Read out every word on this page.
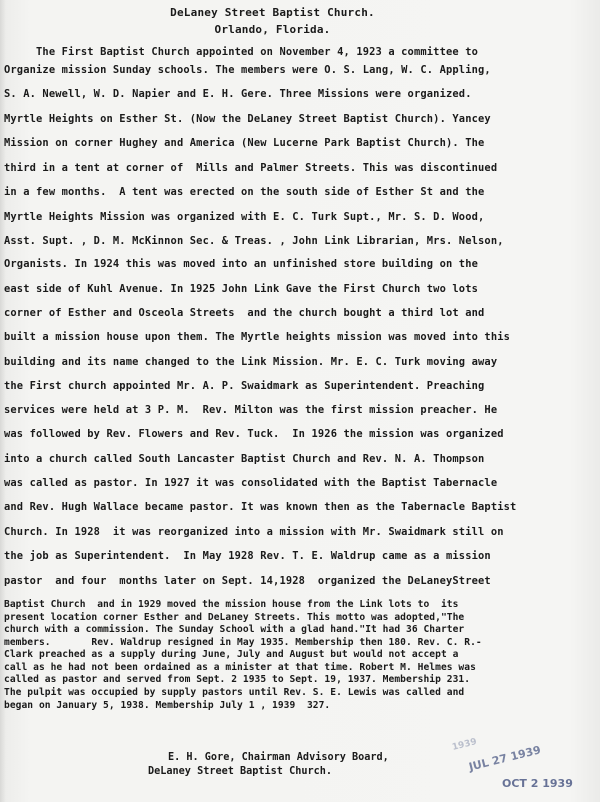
DeLaney Street Baptist Church.
Orlando, Florida.
The First Baptist Church appointed on November 4, 1923 a committee to
Organize mission Sunday schools. The members were O. S. Lang, W. C. Appling,
S. A. Newell, W. D. Napier and E. H. Gere. Three Missions were organized.
Myrtle Heights on Esther St. (Now the DeLaney Street Baptist Church). Yancey
Mission on corner Hughey and America (New Lucerne Park Baptist Church). The
third in a tent at corner of  Mills and Palmer Streets. This was discontinued
in a few months.  A tent was erected on the south side of Esther St and the
Myrtle Heights Mission was organized with E. C. Turk Supt., Mr. S. D. Wood,
Asst. Supt. , D. M. McKinnon Sec. & Treas. , John Link Librarian, Mrs. Nelson,
Organists. In 1924 this was moved into an unfinished store building on the
east side of Kuhl Avenue. In 1925 John Link Gave the First Church two lots
corner of Esther and Osceola Streets  and the church bought a third lot and
built a mission house upon them. The Myrtle heights mission was moved into this
building and its name changed to the Link Mission. Mr. E. C. Turk moving away
the First church appointed Mr. A. P. Swaidmark as Superintendent. Preaching
services were held at 3 P. M.  Rev. Milton was the first mission preacher. He
was followed by Rev. Flowers and Rev. Tuck.  In 1926 the mission was organized
into a church called South Lancaster Baptist Church and Rev. N. A. Thompson
was called as pastor. In 1927 it was consolidated with the Baptist Tabernacle
and Rev. Hugh Wallace became pastor. It was known then as the Tabernacle Baptist
Church. In 1928  it was reorganized into a mission with Mr. Swaidmark still on
the job as Superintendent.  In May 1928 Rev. T. E. Waldrup came as a mission
pastor  and four  months later on Sept. 14,1928  organized the DeLaneyStreet
Baptist Church  and in 1929 moved the mission house from the Link lots to  its
present location corner Esther and DeLaney Streets. This motto was adopted,"The
church with a commission. The Sunday School with a glad hand."It had 36 Charter
members.       Rev. Waldrup resigned in May 1935. Membership then 180. Rev. C. R.-
Clark preached as a supply during June, July and August but would not accept a
call as he had not been ordained as a minister at that time. Robert M. Helmes was
called as pastor and served from Sept. 2 1935 to Sept. 19, 1937. Membership 231.
The pulpit was occupied by supply pastors until Rev. S. E. Lewis was called and
began on January 5, 1938. Membership July 1 , 1939  327.
E. H. Gore, Chairman Advisory Board,
DeLaney Street Baptist Church.
1939
JUL 27 1939
OCT 2 1939
